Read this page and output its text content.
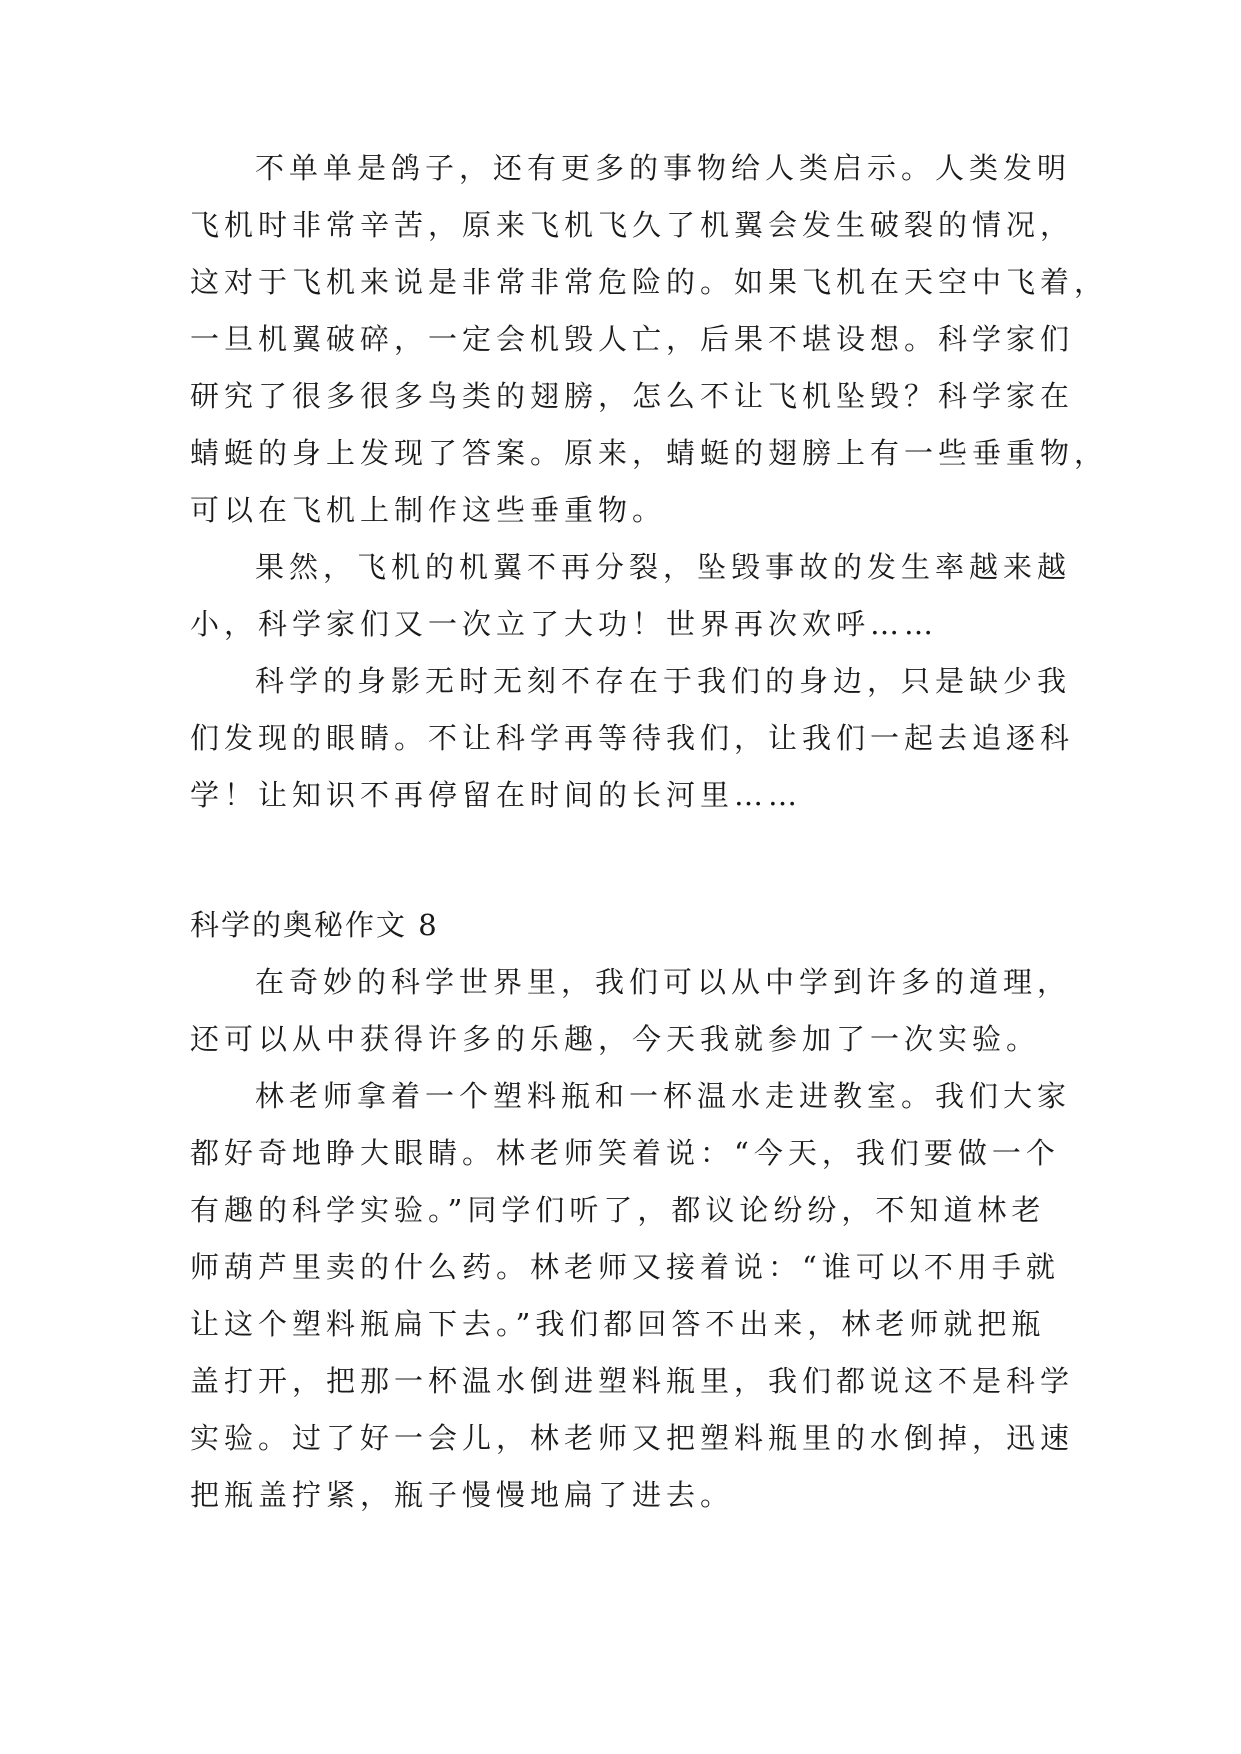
不单单是鸽子，还有更多的事物给人类启示。人类发明

飞机时非常辛苦，原来飞机飞久了机翼会发生破裂的情况，

这对于飞机来说是非常非常危险的。如果飞机在天空中飞着，

一旦机翼破碎，一定会机毁人亡，后果不堪设想。科学家们

研究了很多很多鸟类的翅膀，怎么不让飞机坠毁？科学家在

蜻蜓的身上发现了答案。原来，蜻蜓的翅膀上有一些垂重物，

可以在飞机上制作这些垂重物。

果然，飞机的机翼不再分裂，坠毁事故的发生率越来越

小，科学家们又一次立了大功！世界再次欢呼……

科学的身影无时无刻不存在于我们的身边，只是缺少我

们发现的眼睛。不让科学再等待我们，让我们一起去追逐科

学！让知识不再停留在时间的长河里……

科学的奥秘作文 8

在奇妙的科学世界里，我们可以从中学到许多的道理，

还可以从中获得许多的乐趣，今天我就参加了一次实验。

林老师拿着一个塑料瓶和一杯温水走进教室。我们大家

都好奇地睁大眼睛。林老师笑着说：“今天，我们要做一个

有趣的科学实验。”同学们听了，都议论纷纷，不知道林老

师葫芦里卖的什么药。林老师又接着说：“谁可以不用手就

让这个塑料瓶扁下去。”我们都回答不出来，林老师就把瓶

盖打开，把那一杯温水倒进塑料瓶里，我们都说这不是科学

实验。过了好一会儿，林老师又把塑料瓶里的水倒掉，迅速

把瓶盖拧紧，瓶子慢慢地扁了进去。
